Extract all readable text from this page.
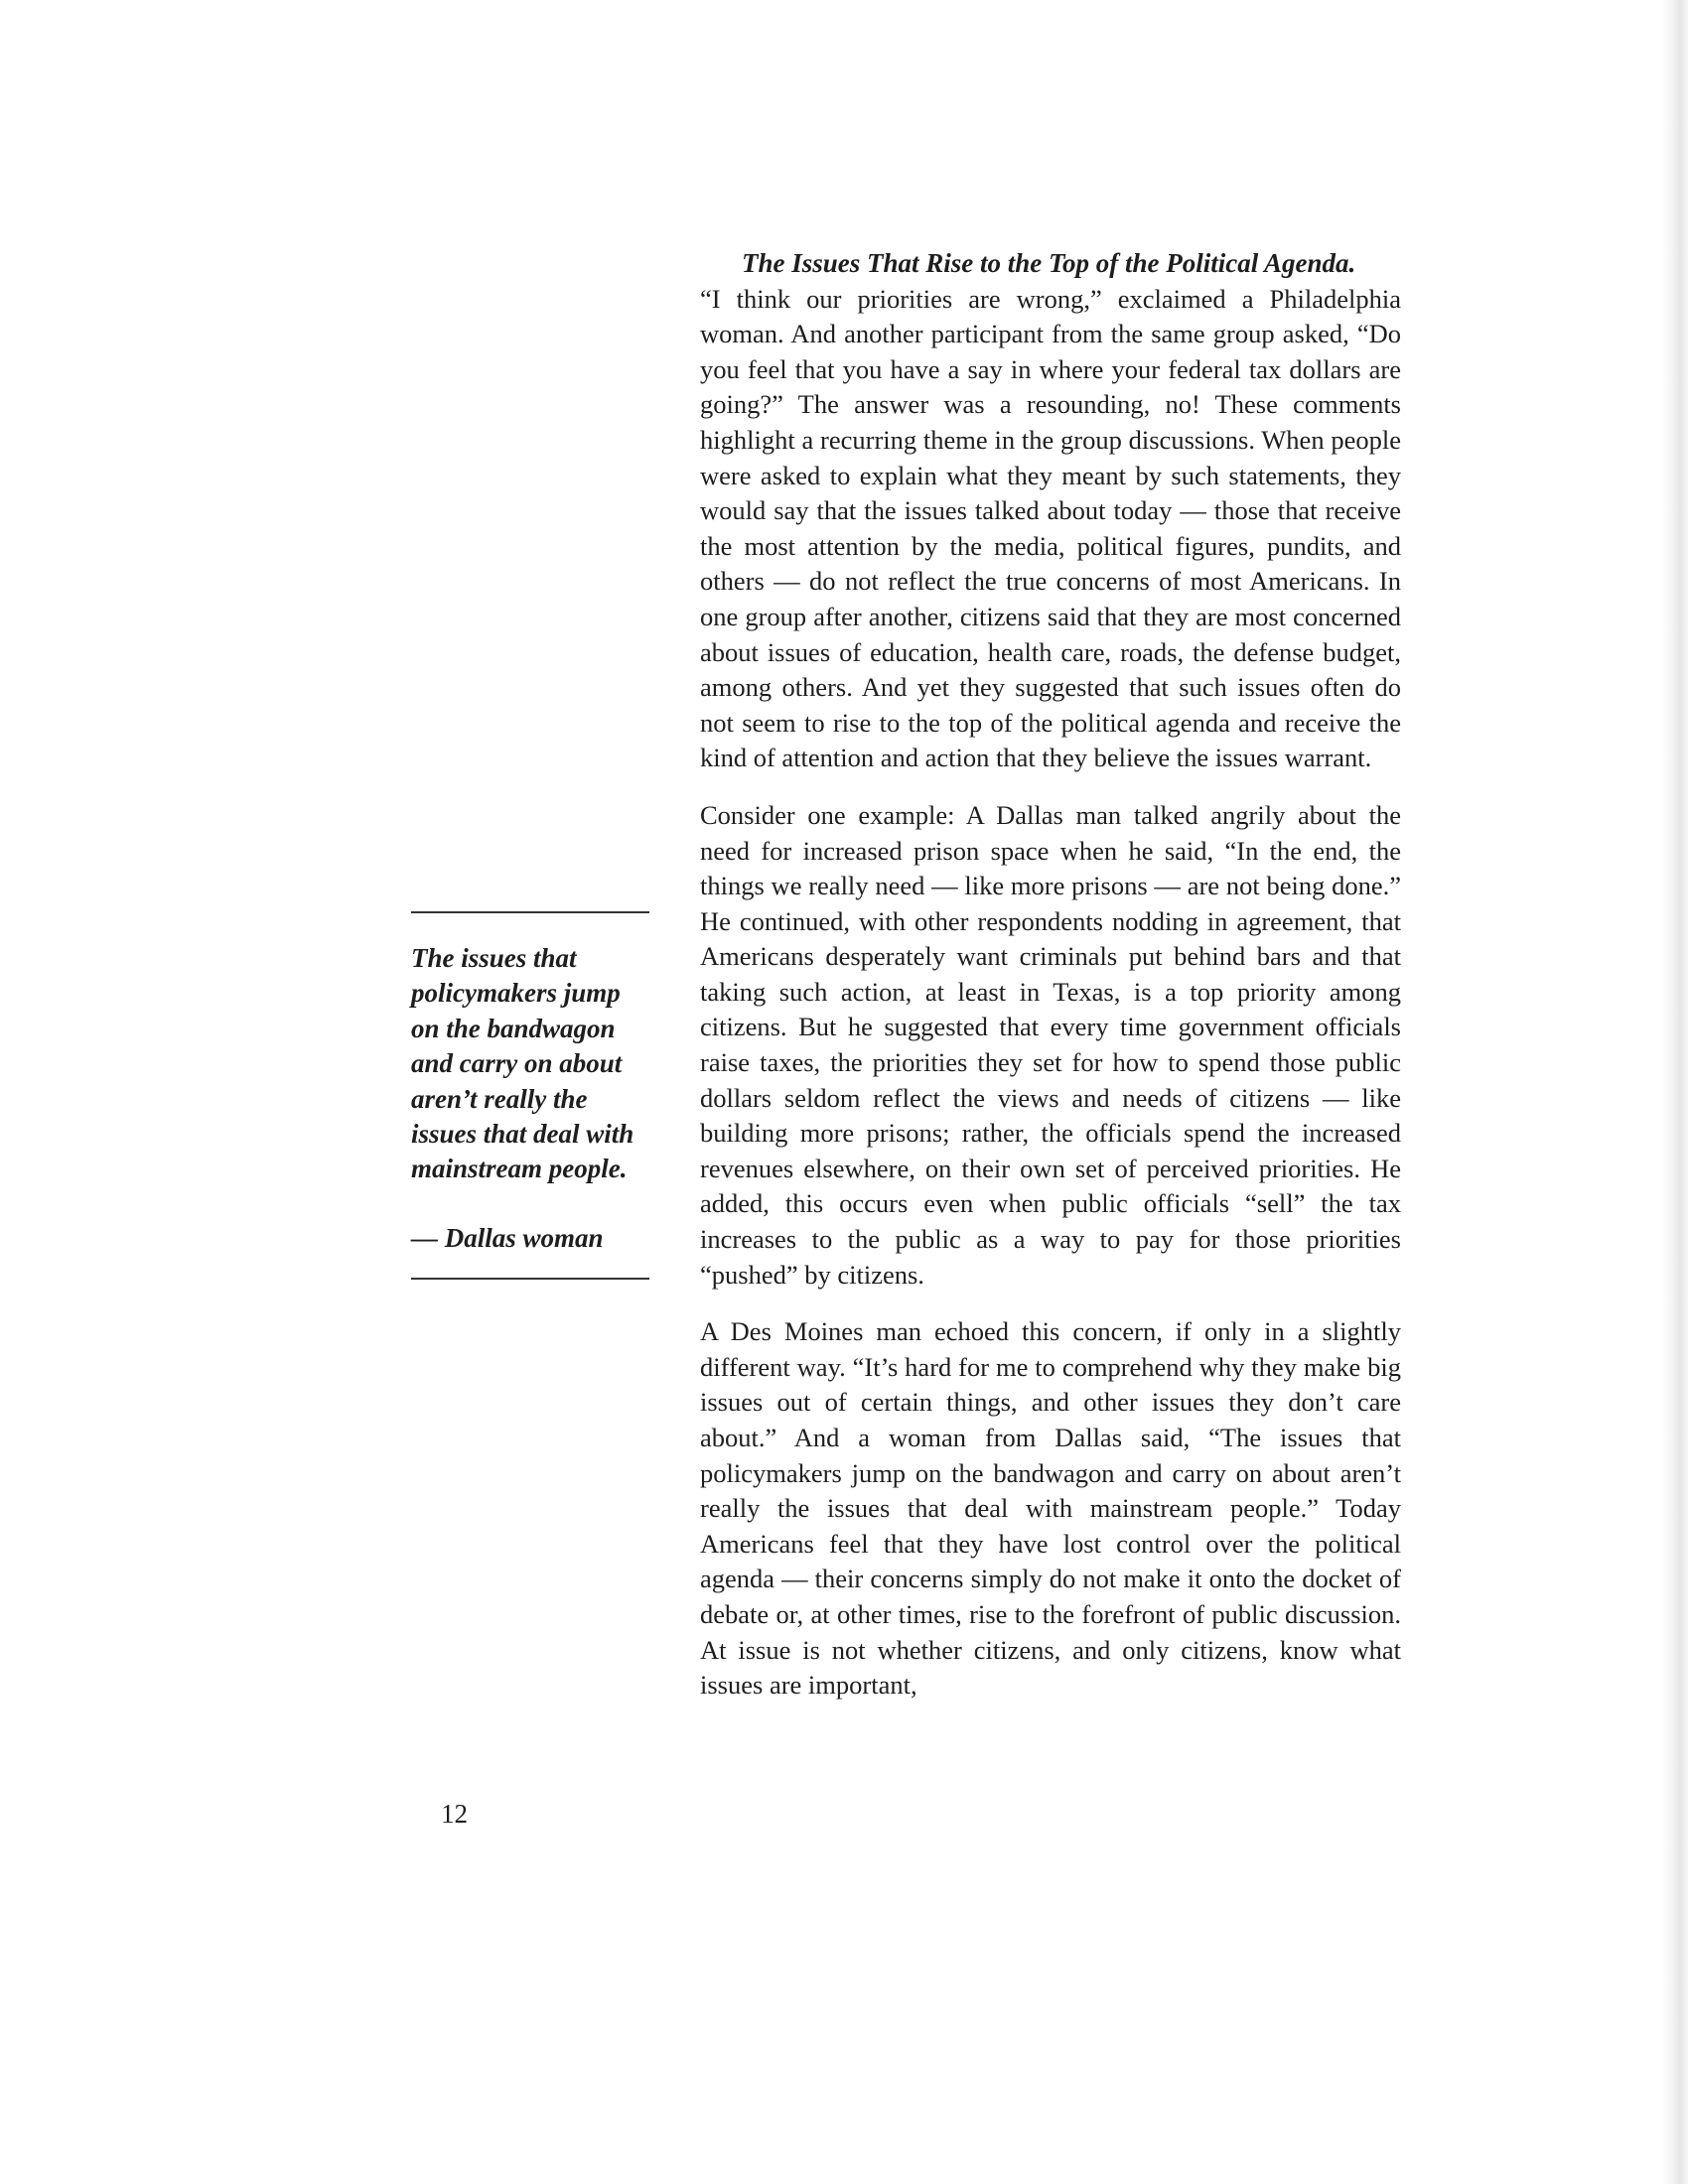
The Issues That Rise to the Top of the Political Agenda.
“I think our priorities are wrong,” exclaimed a Philadelphia woman. And another participant from the same group asked, “Do you feel that you have a say in where your federal tax dollars are going?” The answer was a resounding, no! These comments highlight a recurring theme in the group discussions. When people were asked to explain what they meant by such statements, they would say that the issues talked about today — those that receive the most attention by the media, political figures, pundits, and others — do not reflect the true concerns of most Americans. In one group after another, citizens said that they are most concerned about issues of education, health care, roads, the defense budget, among others. And yet they suggested that such issues often do not seem to rise to the top of the political agenda and receive the kind of attention and action that they believe the issues warrant.

Consider one example: A Dallas man talked angrily about the need for increased prison space when he said, “In the end, the things we really need — like more prisons — are not being done.” He continued, with other respondents nodding in agreement, that Americans desperately want criminals put behind bars and that taking such action, at least in Texas, is a top priority among citizens. But he suggested that every time government officials raise taxes, the priorities they set for how to spend those public dollars seldom reflect the views and needs of citizens — like building more prisons; rather, the officials spend the increased revenues elsewhere, on their own set of perceived priorities. He added, this occurs even when public officials “sell” the tax increases to the public as a way to pay for those priorities “pushed” by citizens.

A Des Moines man echoed this concern, if only in a slightly different way. “It’s hard for me to comprehend why they make big issues out of certain things, and other issues they don’t care about.” And a woman from Dallas said, “The issues that policymakers jump on the bandwagon and carry on about aren’t really the issues that deal with mainstream people.” Today Americans feel that they have lost control over the political agenda — their concerns simply do not make it onto the docket of debate or, at other times, rise to the forefront of public discussion. At issue is not whether citizens, and only citizens, know what issues are important,

The issues that policymakers jump on the bandwagon and carry on about aren’t really the issues that deal with mainstream people.

— Dallas woman

12
